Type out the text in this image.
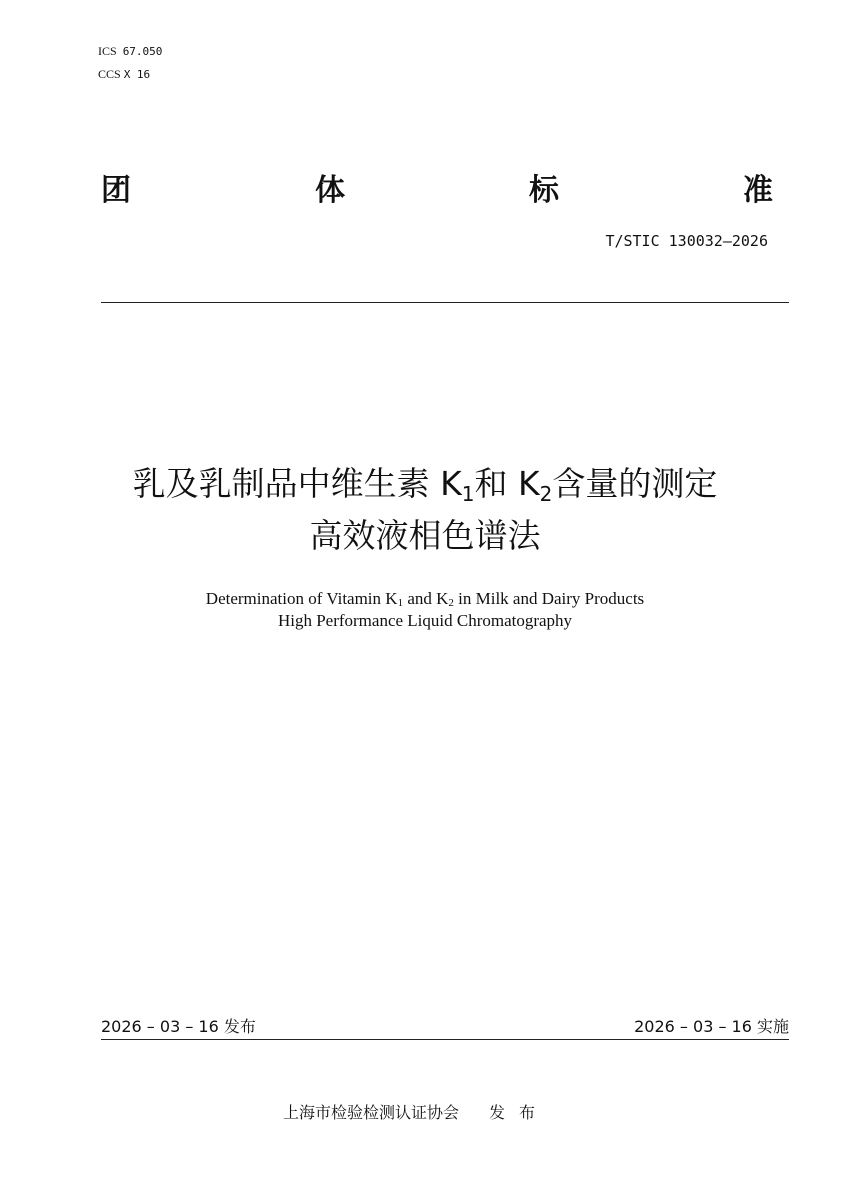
ICS 67.050
CCS X 16
团	体	标	准
T/STIC 130032—2026
乳及乳制品中维生素 $K_1$和 $K_2$含量的测定
高效液相色谱法
Determination of Vitamin $K_1$ and $K_2$ in Milk and Dairy Products
High Performance Liquid Chromatography
2026 – 03 – 16 发布	2026 – 03 – 16 实施
上海市检验检测认证协会 发布
